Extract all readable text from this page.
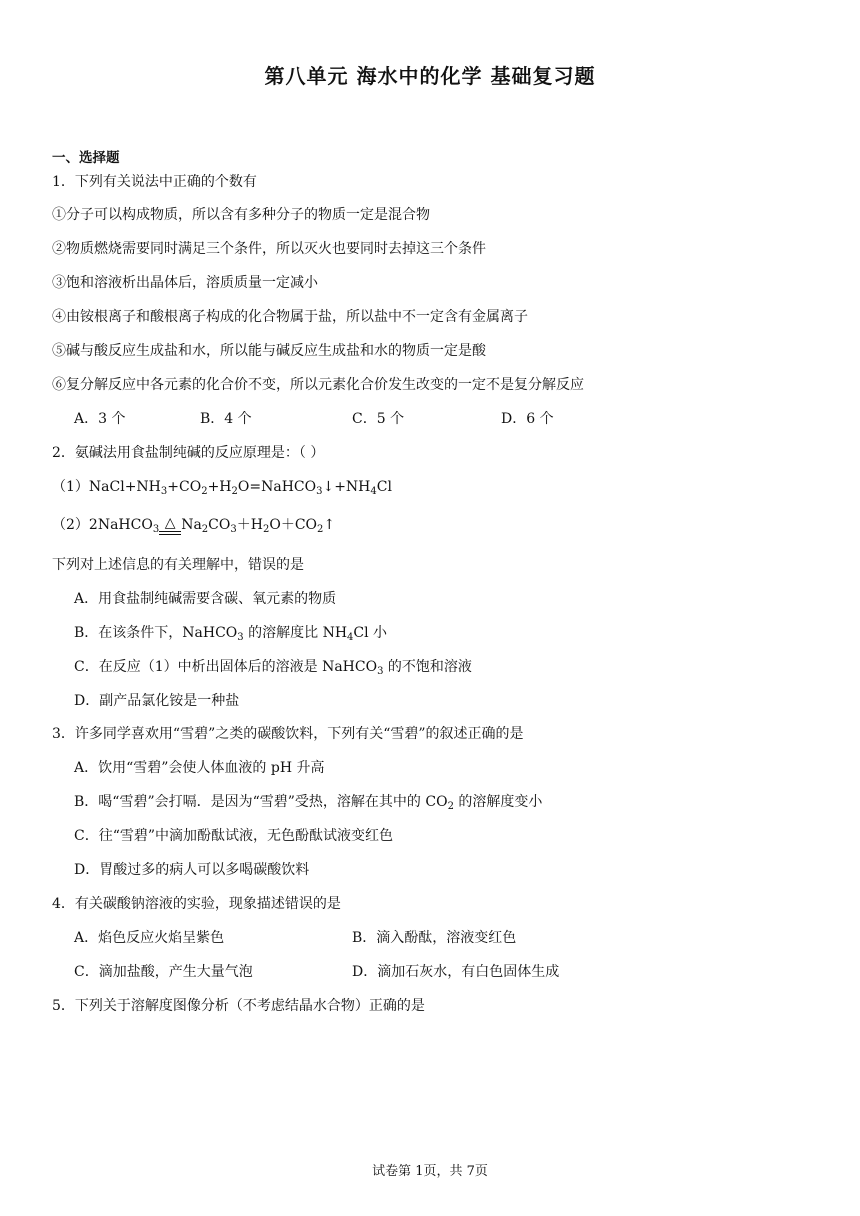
第八单元 海水中的化学 基础复习题
一、选择题
1．下列有关说法中正确的个数有
①分子可以构成物质，所以含有多种分子的物质一定是混合物
②物质燃烧需要同时满足三个条件，所以灭火也要同时去掉这三个条件
③饱和溶液析出晶体后，溶质质量一定减小
④由铵根离子和酸根离子构成的化合物属于盐，所以盐中不一定含有金属离子
⑤碱与酸反应生成盐和水，所以能与碱反应生成盐和水的物质一定是酸
⑥复分解反应中各元素的化合价不变，所以元素化合价发生改变的一定不是复分解反应
A．3 个	B．4 个	C．5 个	D．6 个
2．氨碱法用食盐制纯碱的反应原理是：（ ）
$(1)NaCl+NH_3+CO_2+H_2O=NaHCO_3↓+NH_4Cl$
（2）2NaHCO$_3$ △ $Na_2CO_3+H_2O+CO_2↑$
下列对上述信息的有关理解中，错误的是
A．用食盐制纯碱需要含碳、氧元素的物质
B．在该条件下，NaHCO$_3$ 的溶解度比 $NH_4Cl$ 小
C．在反应（1）中析出固体后的溶液是 NaHCO$_3$ 的不饱和溶液
D．副产品氯化铵是一种盐
3．许多同学喜欢用“雪碧”之类的碳酸饮料，下列有关“雪碧”的叙述正确的是
A．饮用“雪碧”会使人体血液的 pH 升高
B．喝“雪碧”会打嗝．是因为“雪碧”受热，溶解在其中的 $CO_2$ 的溶解度变小
C．往“雪碧”中滴加酚酞试液，无色酚酞试液变红色
D．胃酸过多的病人可以多喝碳酸饮料
4．有关碳酸钠溶液的实验，现象描述错误的是
A．焰色反应火焰呈紫色	B．滴入酚酞，溶液变红色
C．滴加盐酸，产生大量气泡	D．滴加石灰水，有白色固体生成
5．下列关于溶解度图像分析（不考虑结晶水合物）正确的是
试卷第 1页，共 7页
